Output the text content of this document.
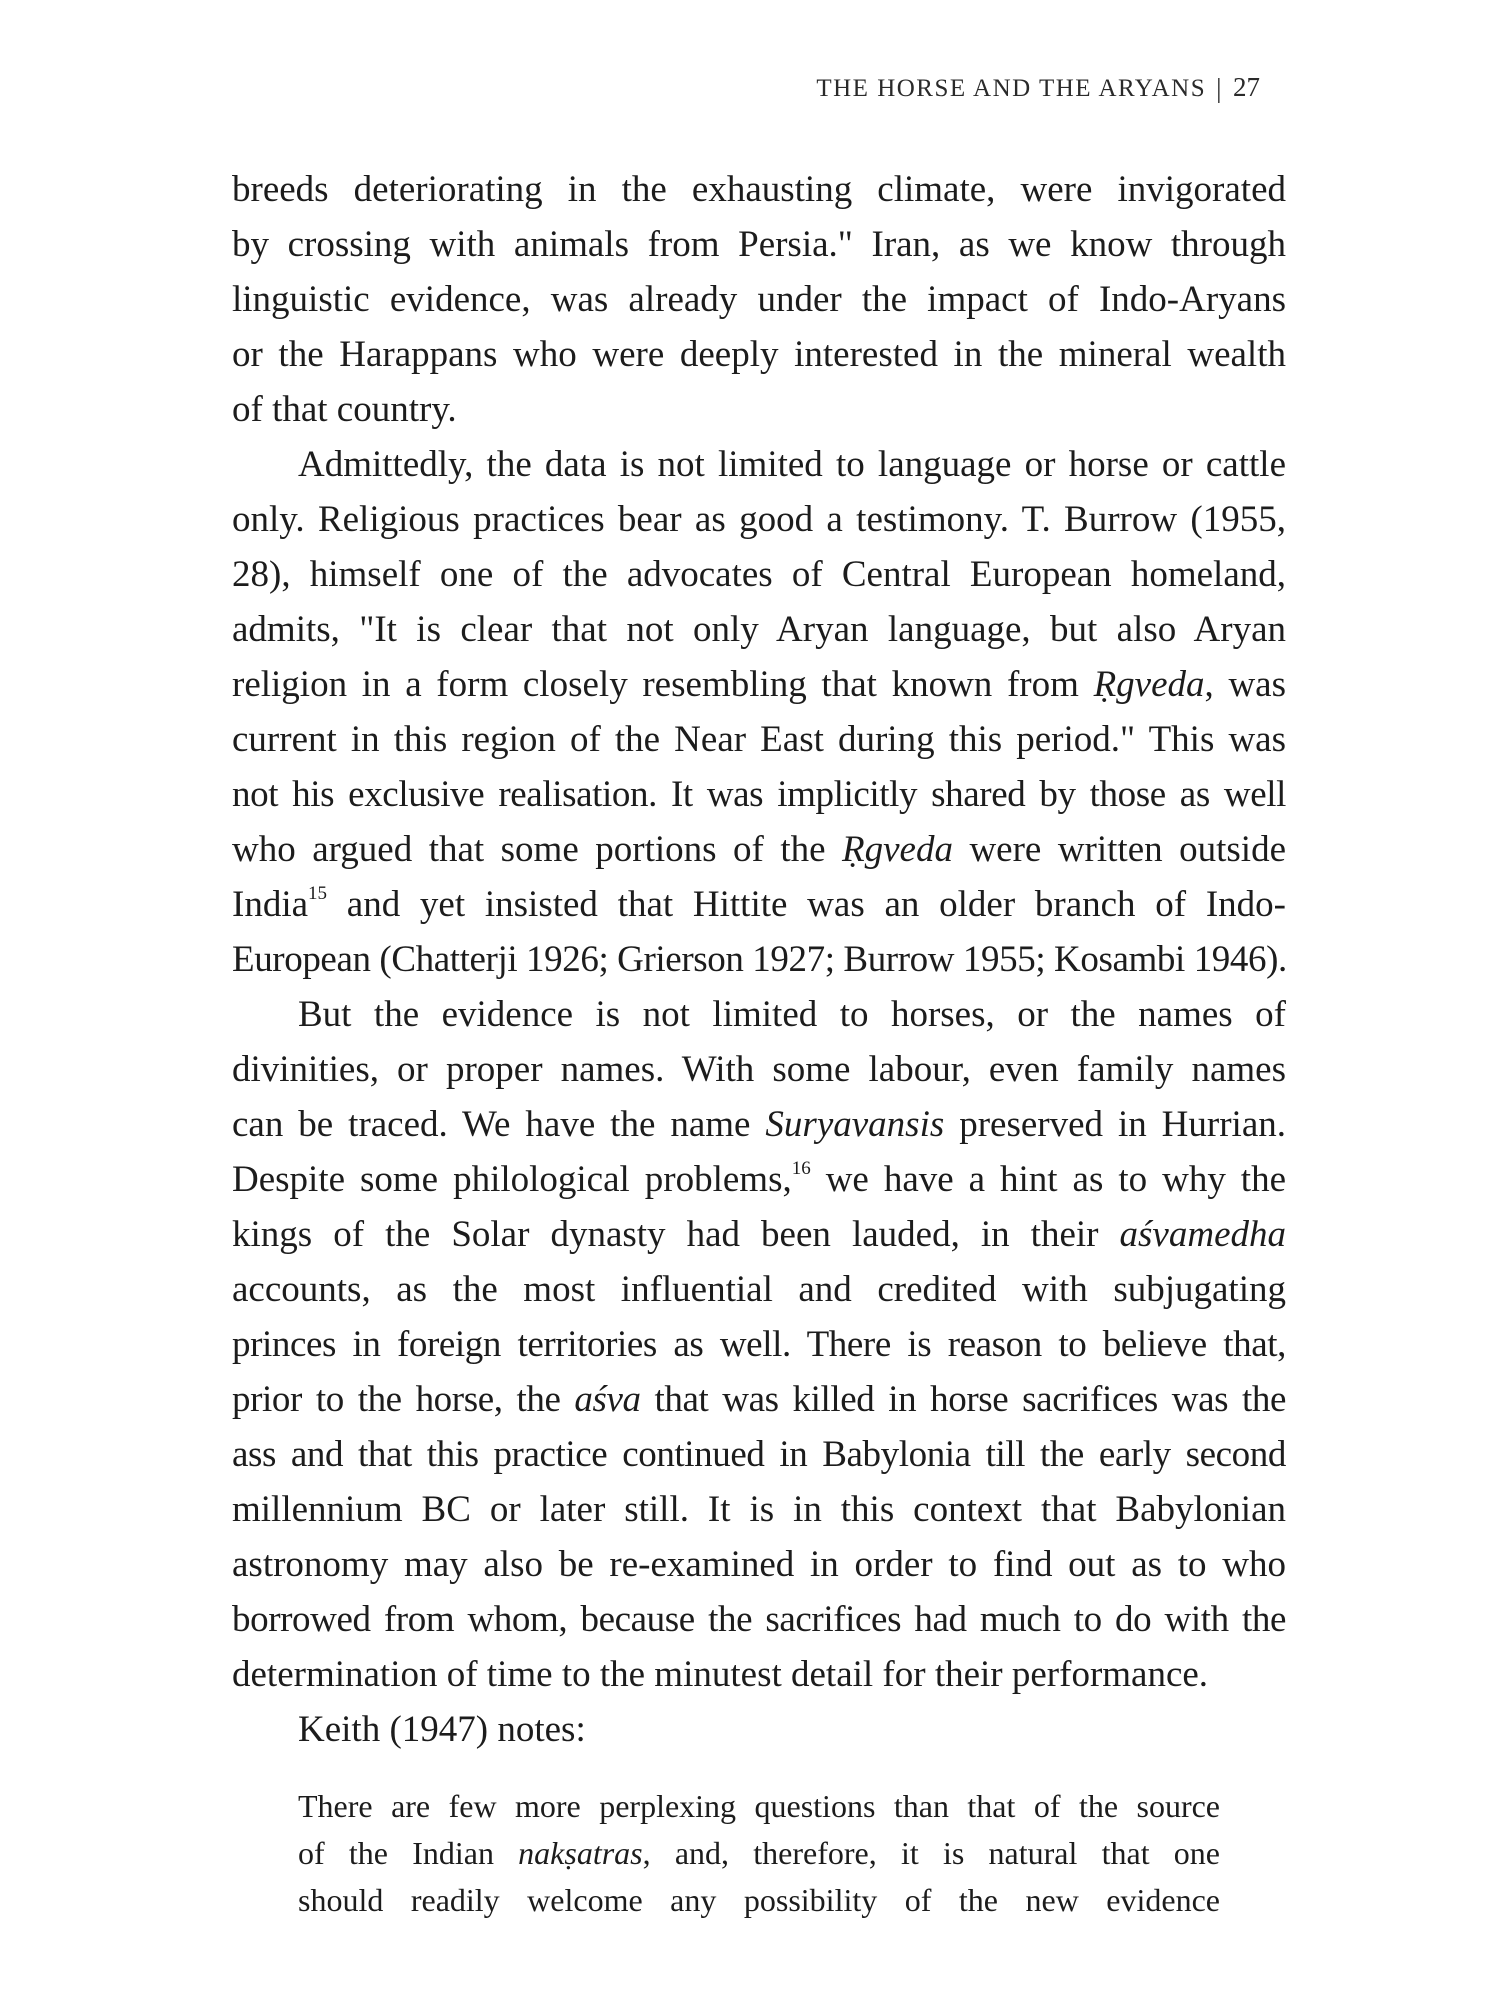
THE HORSE AND THE ARYANS | 27
breeds deteriorating in the exhausting climate, were invigorated
by crossing with animals from Persia." Iran, as we know through
linguistic evidence, was already under the impact of Indo-Aryans
or the Harappans who were deeply interested in the mineral wealth
of that country.
Admittedly, the data is not limited to language or horse or cattle
only. Religious practices bear as good a testimony. T. Burrow (1955,
28), himself one of the advocates of Central European homeland,
admits, "It is clear that not only Aryan language, but also Aryan
religion in a form closely resembling that known from Ṛgveda, was
current in this region of the Near East during this period." This was
not his exclusive realisation. It was implicitly shared by those as well
who argued that some portions of the Ṛgveda were written outside
India$^{15}$ and yet insisted that Hittite was an older branch of Indo-
European (Chatterji 1926; Grierson 1927; Burrow 1955; Kosambi 1946).
But the evidence is not limited to horses, or the names of
divinities, or proper names. With some labour, even family names
can be traced. We have the name Suryavansis preserved in Hurrian.
Despite some philological problems,$^{16}$ we have a hint as to why the
kings of the Solar dynasty had been lauded, in their aśvamedha
accounts, as the most influential and credited with subjugating
princes in foreign territories as well. There is reason to believe that,
prior to the horse, the aśva that was killed in horse sacrifices was the
ass and that this practice continued in Babylonia till the early second
millennium BC or later still. It is in this context that Babylonian
astronomy may also be re-examined in order to find out as to who
borrowed from whom, because the sacrifices had much to do with the
determination of time to the minutest detail for their performance.
Keith (1947) notes:
There are few more perplexing questions than that of the source
of the Indian nakṣatras, and, therefore, it is natural that one
should readily welcome any possibility of the new evidence
